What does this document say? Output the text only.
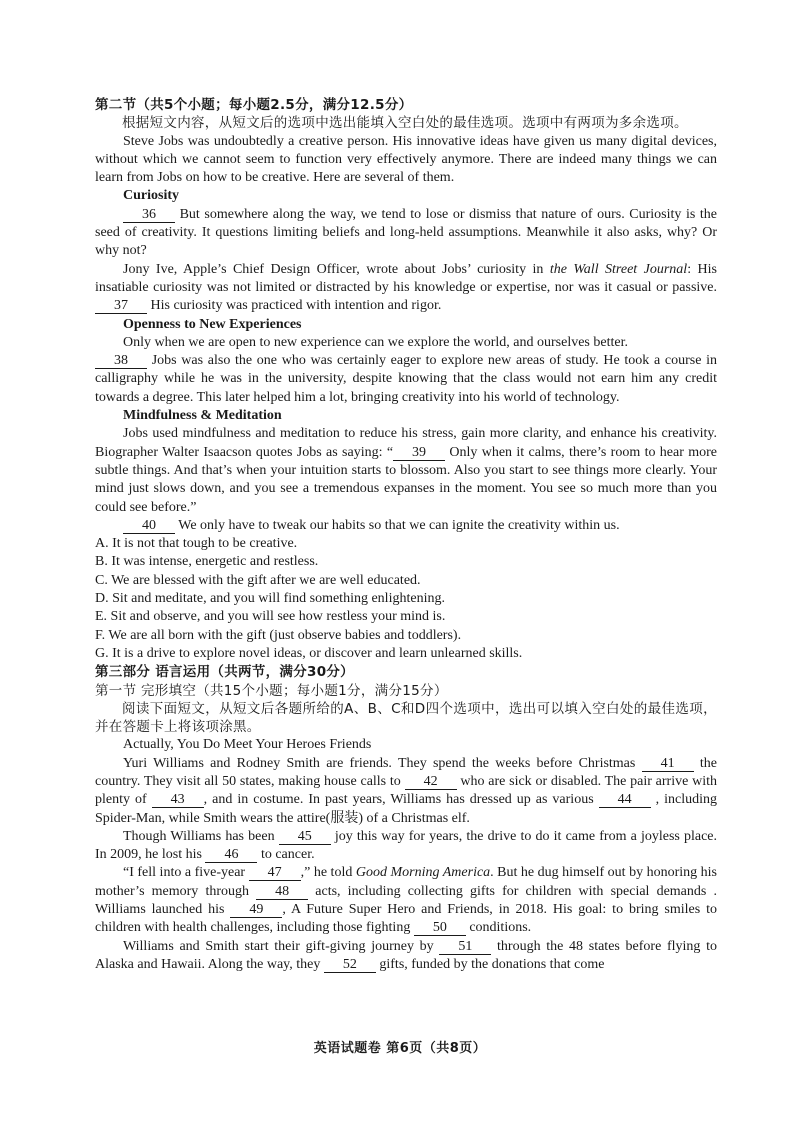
第二节（共5个小题；每小题2.5分，满分12.5分）

根据短文内容，从短文后的选项中选出能填入空白处的最佳选项。选项中有两项为多余选项。

Steve Jobs was undoubtedly a creative person. His innovative ideas have given us many digital devices, without which we cannot seem to function very effectively anymore. There are indeed many things we can learn from Jobs on how to be creative. Here are several of them.

Curiosity

36 But somewhere along the way, we tend to lose or dismiss that nature of ours. Curiosity is the seed of creativity. It questions limiting beliefs and long-held assumptions. Meanwhile it also asks, why? Or why not?

Jony Ive, Apple’s Chief Design Officer, wrote about Jobs’ curiosity in the Wall Street Journal: His insatiable curiosity was not limited or distracted by his knowledge or expertise, nor was it casual or passive. 37 His curiosity was practiced with intention and rigor.

Openness to New Experiences

Only when we are open to new experience can we explore the world, and ourselves better.

38 Jobs was also the one who was certainly eager to explore new areas of study. He took a course in calligraphy while he was in the university, despite knowing that the class would not earn him any credit towards a degree. This later helped him a lot, bringing creativity into his world of technology.

Mindfulness & Meditation

Jobs used mindfulness and meditation to reduce his stress, gain more clarity, and enhance his creativity. Biographer Walter Isaacson quotes Jobs as saying: “ 39 Only when it calms, there’s room to hear more subtle things. And that’s when your intuition starts to blossom. Also you start to see things more clearly. Your mind just slows down, and you see a tremendous expanses in the moment. You see so much more than you could see before.”

40 We only have to tweak our habits so that we can ignite the creativity within us.

A. It is not that tough to be creative.

B. It was intense, energetic and restless.

C. We are blessed with the gift after we are well educated.

D. Sit and meditate, and you will find something enlightening.

E. Sit and observe, and you will see how restless your mind is.

F. We are all born with the gift (just observe babies and toddlers).

G. It is a drive to explore novel ideas, or discover and learn unlearned skills.

第三部分 语言运用（共两节，满分30分）

第一节 完形填空（共15个小题；每小题1分，满分15分）

阅读下面短文，从短文后各题所给的A、B、C和D四个选项中，选出可以填入空白处的最佳选项，并在答题卡上将该项涂黑。

Actually, You Do Meet Your Heroes Friends

Yuri Williams and Rodney Smith are friends. They spend the weeks before Christmas 41 the country. They visit all 50 states, making house calls to 42 who are sick or disabled. The pair arrive with plenty of 43 , and in costume. In past years, Williams has dressed up as various 44 , including Spider-Man, while Smith wears the attire(服装) of a Christmas elf.

Though Williams has been 45 joy this way for years, the drive to do it came from a joyless place. In 2009, he lost his 46 to cancer.

“I fell into a five-year 47 ,” he told Good Morning America. But he dug himself out by honoring his mother’s memory through 48 acts, including collecting gifts for children with special demands . Williams launched his 49 , A Future Super Hero and Friends, in 2018. His goal: to bring smiles to children with health challenges, including those fighting 50 conditions.

Williams and Smith start their gift-giving journey by 51 through the 48 states before flying to Alaska and Hawaii. Along the way, they 52 gifts, funded by the donations that come

英语试题卷 第6页（共8页）
